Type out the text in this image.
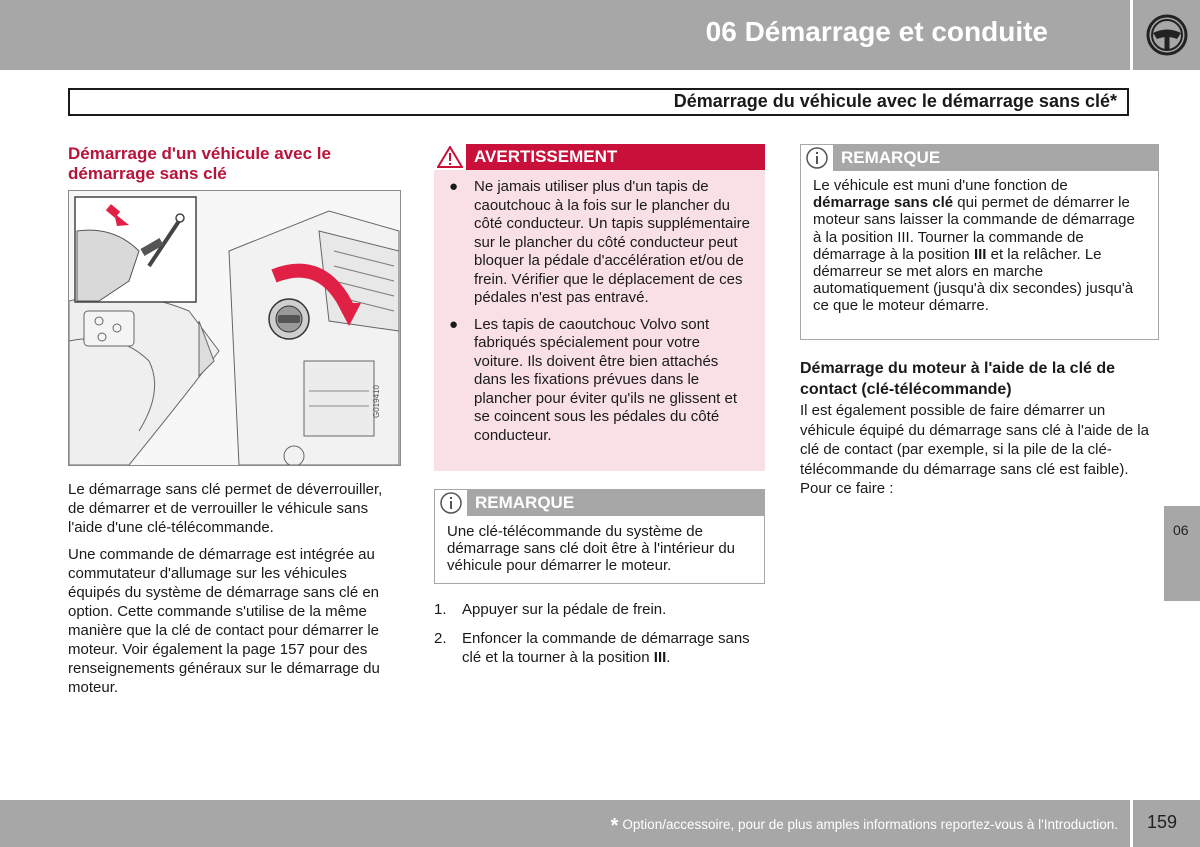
06 Démarrage et conduite
Démarrage du véhicule avec le démarrage sans clé*
Démarrage d'un véhicule avec le démarrage sans clé
G019410

Le démarrage sans clé permet de déverrouiller, de démarrer et de verrouiller le véhicule sans l'aide d'une clé-télécommande.

Une commande de démarrage est intégrée au commutateur d'allumage sur les véhicules équipés du système de démarrage sans clé en option. Cette commande s'utilise de la même manière que la clé de contact pour démarrer le moteur. Voir également la page 157 pour des renseignements généraux sur le démarrage du moteur.

AVERTISSEMENT
● Ne jamais utiliser plus d'un tapis de caoutchouc à la fois sur le plancher du côté conducteur. Un tapis supplémentaire sur le plancher du côté conducteur peut bloquer la pédale d'accélération et/ou de frein. Vérifier que le déplacement de ces pédales n'est pas entravé.
● Les tapis de caoutchouc Volvo sont fabriqués spécialement pour votre voiture. Ils doivent être bien attachés dans les fixations prévues dans le plancher pour éviter qu'ils ne glissent et se coincent sous les pédales du côté conducteur.
REMARQUE
Une clé-télécommande du système de démarrage sans clé doit être à l'intérieur du véhicule pour démarrer le moteur.
1. Appuyer sur la pédale de frein.
2. Enfoncer la commande de démarrage sans clé et la tourner à la position III.
REMARQUE
Le véhicule est muni d'une fonction de démarrage sans clé qui permet de démarrer le moteur sans laisser la commande de démarrage à la position III. Tourner la commande de démarrage à la position III et la relâcher. Le démarreur se met alors en marche automatiquement (jusqu'à dix secondes) jusqu'à ce que le moteur démarre.
Démarrage du moteur à l'aide de la clé de contact (clé-télécommande)

Il est également possible de faire démarrer un véhicule équipé du démarrage sans clé à l'aide de la clé de contact (par exemple, si la pile de la clé-télécommande du démarrage sans clé est faible). Pour ce faire :

06
* Option/accessoire, pour de plus amples informations reportez-vous à l'Introduction. 159
